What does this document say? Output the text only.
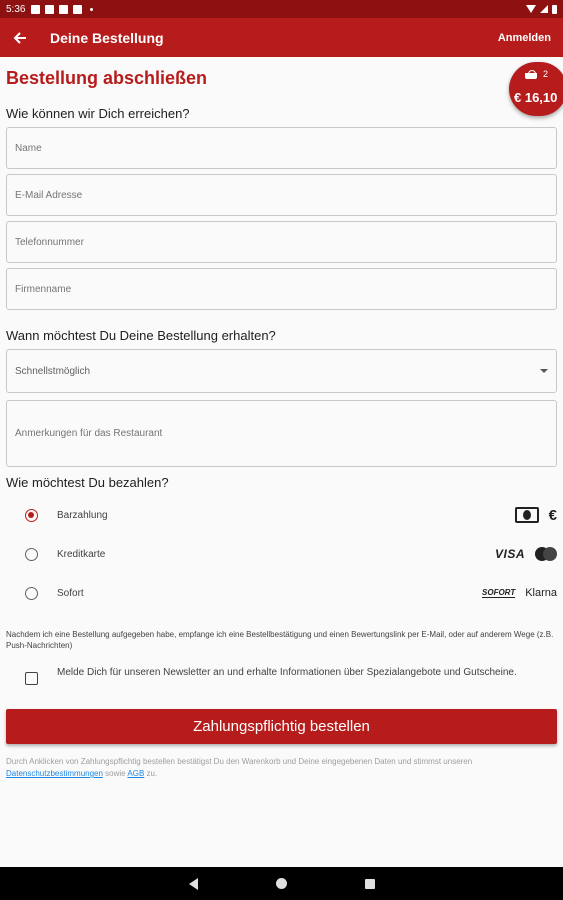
5:36
Deine Bestellung	Anmelden
Bestellung abschließen	2
€ 16,10
Wie können wir Dich erreichen?
Name
E-Mail Adresse
Telefonnummer
Firmenname
Wann möchtest Du Deine Bestellung erhalten?
Schnellstmöglich
Anmerkungen für das Restaurant
Wie möchtest Du bezahlen?
Barzahlung	€
Kreditkarte	VISA
Sofort	SOFORT Klarna
Nachdem ich eine Bestellung aufgegeben habe, empfange ich eine Bestellbestätigung und einen Bewertungslink per E-Mail, oder auf anderem Wege (z.B. Push-Nachrichten)
Melde Dich für unseren Newsletter an und erhalte Informationen über Spezialangebote und Gutscheine.
Zahlungspflichtig bestellen
Durch Anklicken von Zahlungspflichtig bestellen bestätigst Du den Warenkorb und Deine eingegebenen Daten und stimmst unseren Datenschutzbestimmungen sowie AGB zu.
